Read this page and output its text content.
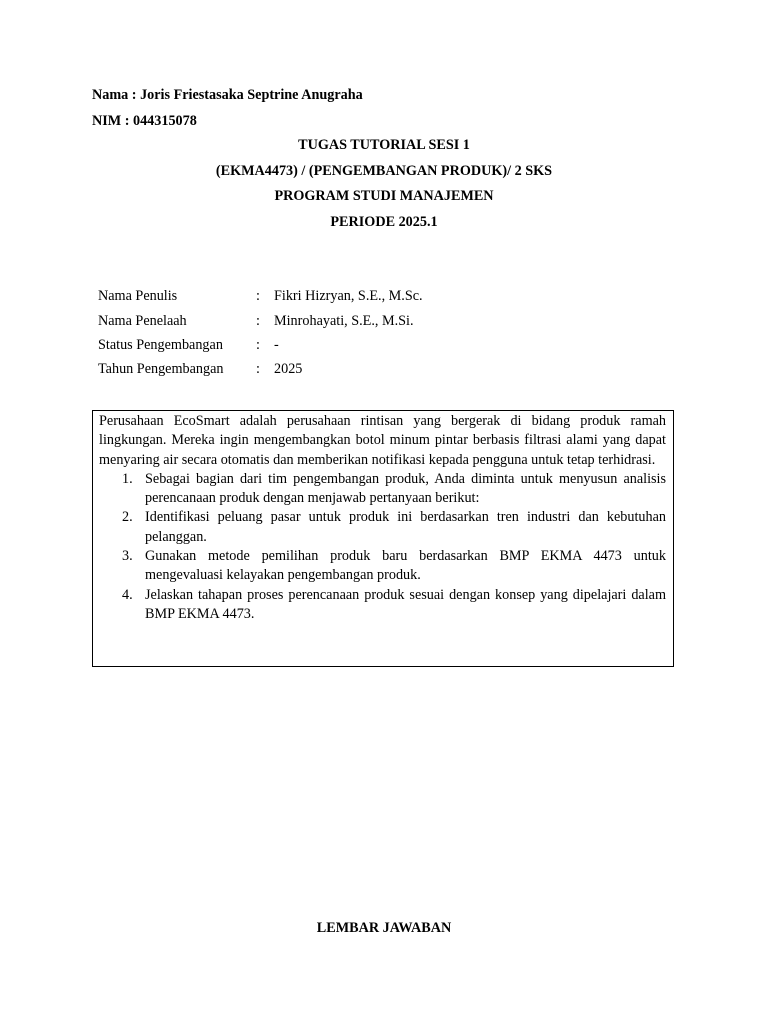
Nama : Joris Friestasaka Septrine Anugraha
NIM : 044315078
TUGAS TUTORIAL SESI 1
(EKMA4473) / (PENGEMBANGAN PRODUK)/ 2 SKS
PROGRAM STUDI MANAJEMEN
PERIODE 2025.1
Nama Penulis	: Fikri Hizryan, S.E., M.Sc.
Nama Penelaah	: Minrohayati, S.E., M.Si.
Status Pengembangan : -
Tahun Pengembangan : 2025

Perusahaan EcoSmart adalah perusahaan rintisan yang bergerak di bidang produk ramah lingkungan. Mereka ingin mengembangkan botol minum pintar berbasis filtrasi alami yang dapat menyaring air secara otomatis dan memberikan notifikasi kepada pengguna untuk tetap terhidrasi.

1. Sebagai bagian dari tim pengembangan produk, Anda diminta untuk menyusun analisis perencanaan produk dengan menjawab pertanyaan berikut:
2. Identifikasi peluang pasar untuk produk ini berdasarkan tren industri dan kebutuhan pelanggan.
3. Gunakan metode pemilihan produk baru berdasarkan BMP EKMA 4473 untuk mengevaluasi kelayakan pengembangan produk.
4. Jelaskan tahapan proses perencanaan produk sesuai dengan konsep yang dipelajari dalam BMP EKMA 4473.
LEMBAR JAWABAN
